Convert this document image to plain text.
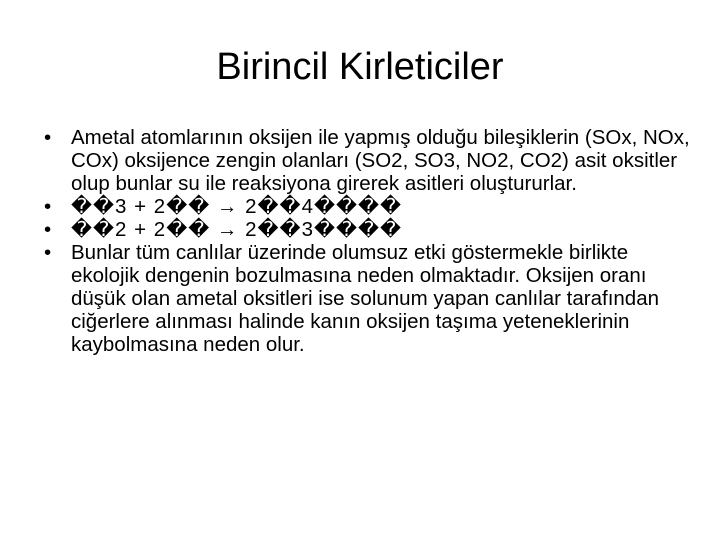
Birincil Kirleticiler
• Ametal atomlarının oksijen ile yapmış olduğu bileşiklerin (SOx, NOx, COx) oksijence zengin olanları (SO2, SO3, NO2, CO2) asit oksitler olup bunlar su ile reaksiyona girerek asitleri oluştururlar.
• ��3 + 2�� → 2��4����
• ��2 + 2�� → 2��3����
• Bunlar tüm canlılar üzerinde olumsuz etki göstermekle birlikte ekolojik dengenin bozulmasına neden olmaktadır. Oksijen oranı düşük olan ametal oksitleri ise solunum yapan canlılar tarafından ciğerlere alınması halinde kanın oksijen taşıma yeteneklerinin kaybolmasına neden olur.
